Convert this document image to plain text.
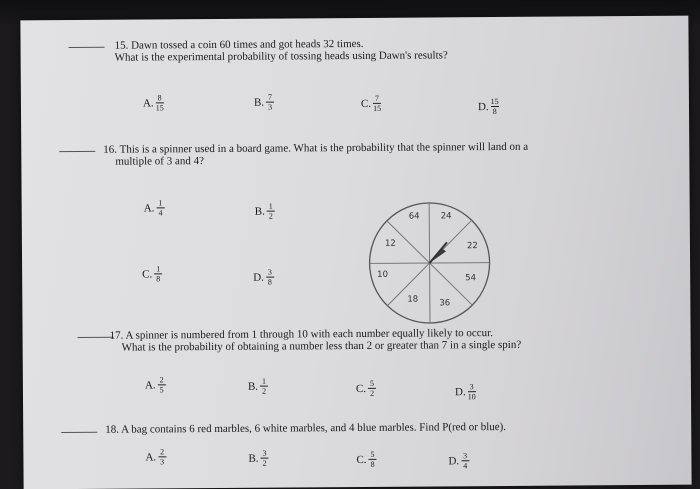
15. Dawn tossed a coin 60 times and got heads 32 times.
What is the experimental probability of tossing heads using Dawn's results?
A. $\frac{8}{15}$	B. $\frac{7}{3}$	C. $\frac{7}{15}$	D. $\frac{15}{8}$
16. This is a spinner used in a board game. What is the probability that the spinner will land on a
multiple of 3 and 4?
A. $\frac{1}{4}$	B. $\frac{1}{2}$
C. $\frac{1}{8}$	D. $\frac{3}{8}$
64 24
12	22
10	54
18 36
17. A spinner is numbered from 1 through 10 with each number equally likely to occur.
What is the probability of obtaining a number less than 2 or greater than 7 in a single spin?
A. $\frac{2}{5}$	B. $\frac{1}{2}$	C. $\frac{5}{2}$	D. $\frac{3}{10}$
18. A bag contains 6 red marbles, 6 white marbles, and 4 blue marbles. Find P(red or blue).
A. $\frac{2}{3}$	B. $\frac{3}{2}$	C. $\frac{5}{8}$	D. $\frac{3}{4}$
